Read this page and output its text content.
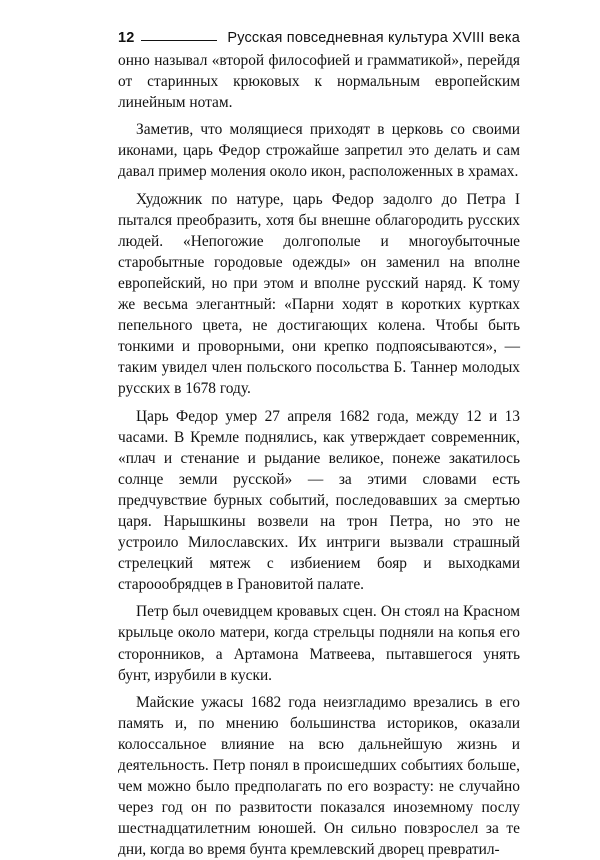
12	Русская повседневная культура XVIII века

онно называл «второй философией и грамматикой», перейдя от старинных крюковых к нормальным европейским линейным нотам.

Заметив, что молящиеся приходят в церковь со своими иконами, царь Федор строжайше запретил это делать и сам давал пример моления около икон, расположенных в храмах.

Художник по натуре, царь Федор задолго до Петра I пытался преобразить, хотя бы внешне облагородить русских людей. «Непогожие долгополые и многоубыточные старобытные городовые одежды» он заменил на вполне европейский, но при этом и вполне русский наряд. К тому же весьма элегантный: «Парни ходят в коротких куртках пепельного цвета, не достигающих колена. Чтобы быть тонкими и проворными, они крепко подпоясываются», — таким увидел член польского посольства Б. Таннер молодых русских в 1678 году.

Царь Федор умер 27 апреля 1682 года, между 12 и 13 часами. В Кремле поднялись, как утверждает современник, «плач и стенание и рыдание великое, понеже закатилось солнце земли русской» — за этими словами есть предчувствие бурных событий, последовавших за смертью царя. Нарышкины возвели на трон Петра, но это не устроило Милославских. Их интриги вызвали страшный стрелецкий мятеж с избиением бояр и выходками староообрядцев в Грановитой палате.

Петр был очевидцем кровавых сцен. Он стоял на Красном крыльце около матери, когда стрельцы подняли на копья его сторонников, а Артамона Матвеева, пытавшегося унять бунт, изрубили в куски.

Майские ужасы 1682 года неизгладимо врезались в его память и, по мнению большинства историков, оказали колоссальное влияние на всю дальнейшую жизнь и деятельность. Петр понял в происшедших событиях больше, чем можно было предполагать по его возрасту: не случайно через год он по развитости показался иноземному послу шестнадцатилетним юношей. Он сильно повзрослел за те дни, когда во время бунта кремлевский дворец превратил-
